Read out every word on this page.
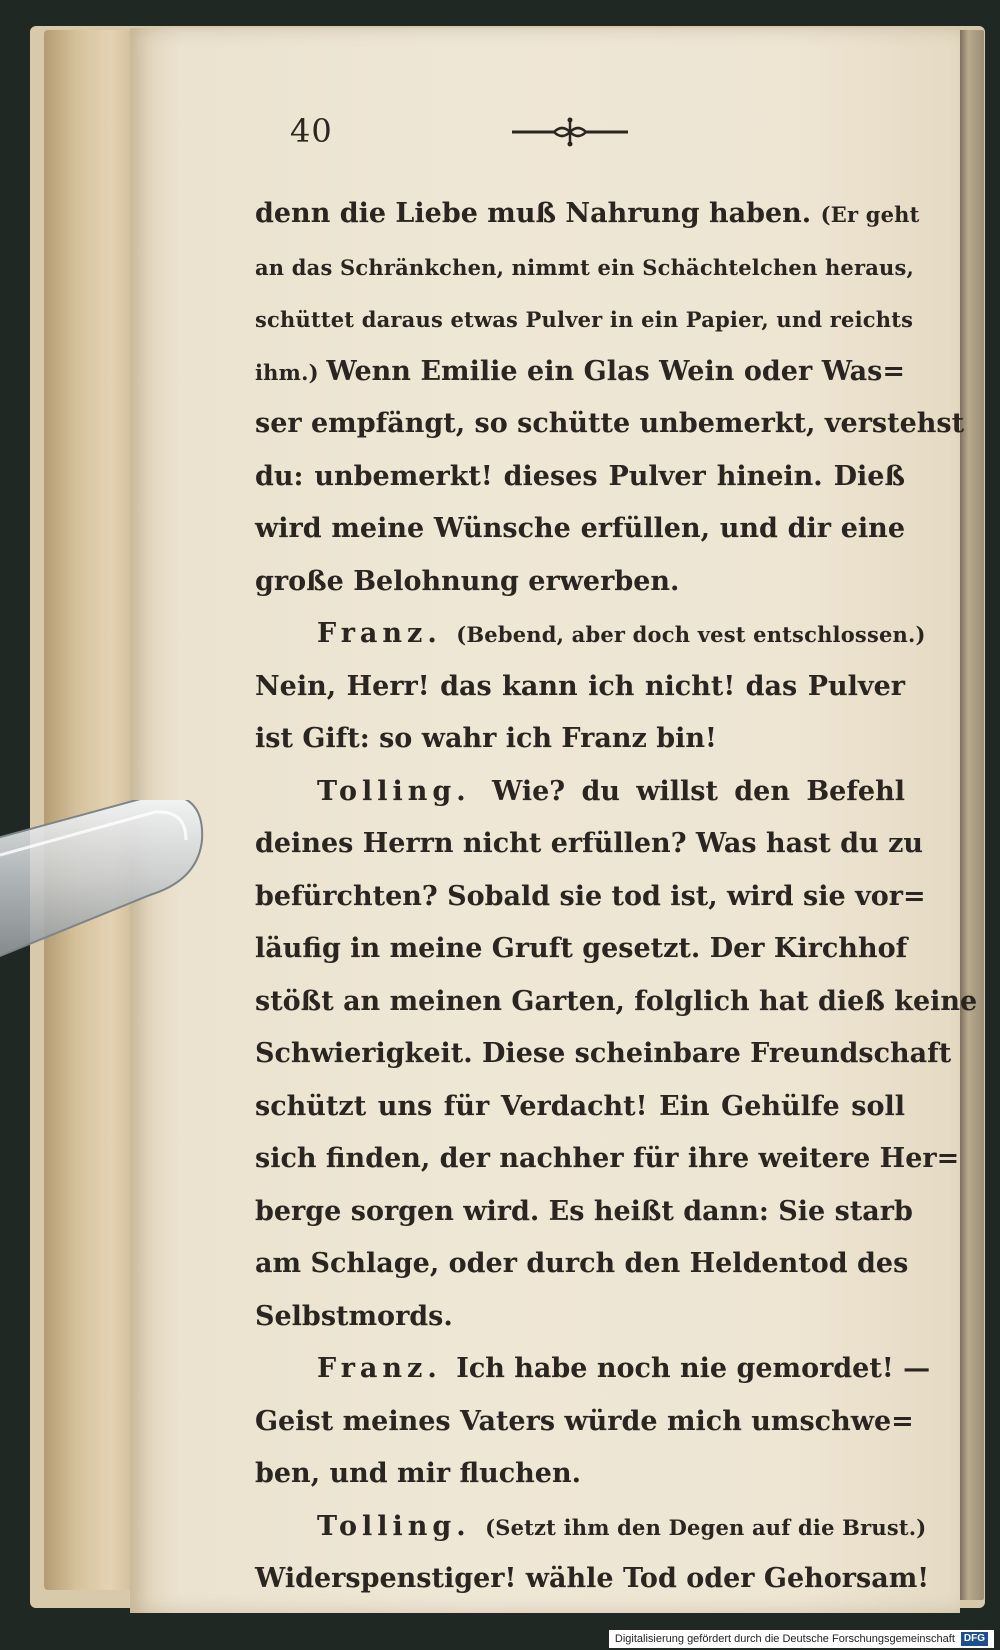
40
denn die Liebe muß Nahrung haben. (Er geht
an das Schränkchen, nimmt ein Schächtelchen heraus,
schüttet daraus etwas Pulver in ein Papier, und reichts
ihm.) Wenn Emilie ein Glas Wein oder Was=
ser empfängt, so schütte unbemerkt, verstehst
du: unbemerkt! dieses Pulver hinein. Dieß
wird meine Wünsche erfüllen, und dir eine
große Belohnung erwerben.
Franz. (Bebend, aber doch vest entschlossen.)
Nein, Herr! das kann ich nicht! das Pulver
ist Gift: so wahr ich Franz bin!
Tolling. Wie? du willst den Befehl
deines Herrn nicht erfüllen? Was hast du zu
befürchten? Sobald sie tod ist, wird sie vor=
läufig in meine Gruft gesetzt. Der Kirchhof
stößt an meinen Garten, folglich hat dieß keine
Schwierigkeit. Diese scheinbare Freundschaft
schützt uns für Verdacht! Ein Gehülfe soll
sich finden, der nachher für ihre weitere Her=
berge sorgen wird. Es heißt dann: Sie starb
am Schlage, oder durch den Heldentod des
Selbstmords.
Franz. Ich habe noch nie gemordet! —
Geist meines Vaters würde mich umschwe=
ben, und mir fluchen.
Tolling. (Setzt ihm den Degen auf die Brust.)
Widerspenstiger! wähle Tod oder Gehorsam!
Digitalisierung gefördert durch die Deutsche Forschungsgemeinschaft DFG
